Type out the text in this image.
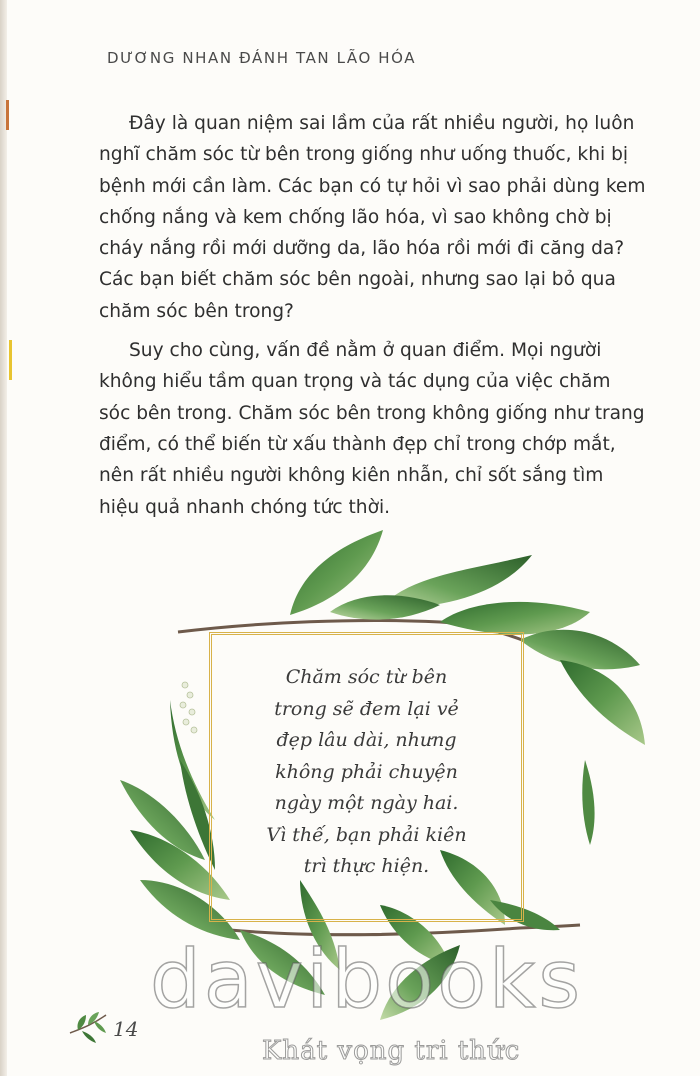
DƯƠNG NHAN ĐÁNH TAN LÃO HÓA

Đây là quan niệm sai lầm của rất nhiều người, họ luôn nghĩ chăm sóc từ bên trong giống như uống thuốc, khi bị bệnh mới cần làm. Các bạn có tự hỏi vì sao phải dùng kem chống nắng và kem chống lão hóa, vì sao không chờ bị cháy nắng rồi mới dưỡng da, lão hóa rồi mới đi căng da? Các bạn biết chăm sóc bên ngoài, nhưng sao lại bỏ qua chăm sóc bên trong?

Suy cho cùng, vấn đề nằm ở quan điểm. Mọi người không hiểu tầm quan trọng và tác dụng của việc chăm sóc bên trong. Chăm sóc bên trong không giống như trang điểm, có thể biến từ xấu thành đẹp chỉ trong chớp mắt, nên rất nhiều người không kiên nhẫn, chỉ sốt sắng tìm hiệu quả nhanh chóng tức thời.

Chăm sóc từ bên
trong sẽ đem lại vẻ
đẹp lâu dài, nhưng
không phải chuyện
ngày một ngày hai.
Vì thế, bạn phải kiên
trì thực hiện.
14
davibooks
Khát vọng tri thức
